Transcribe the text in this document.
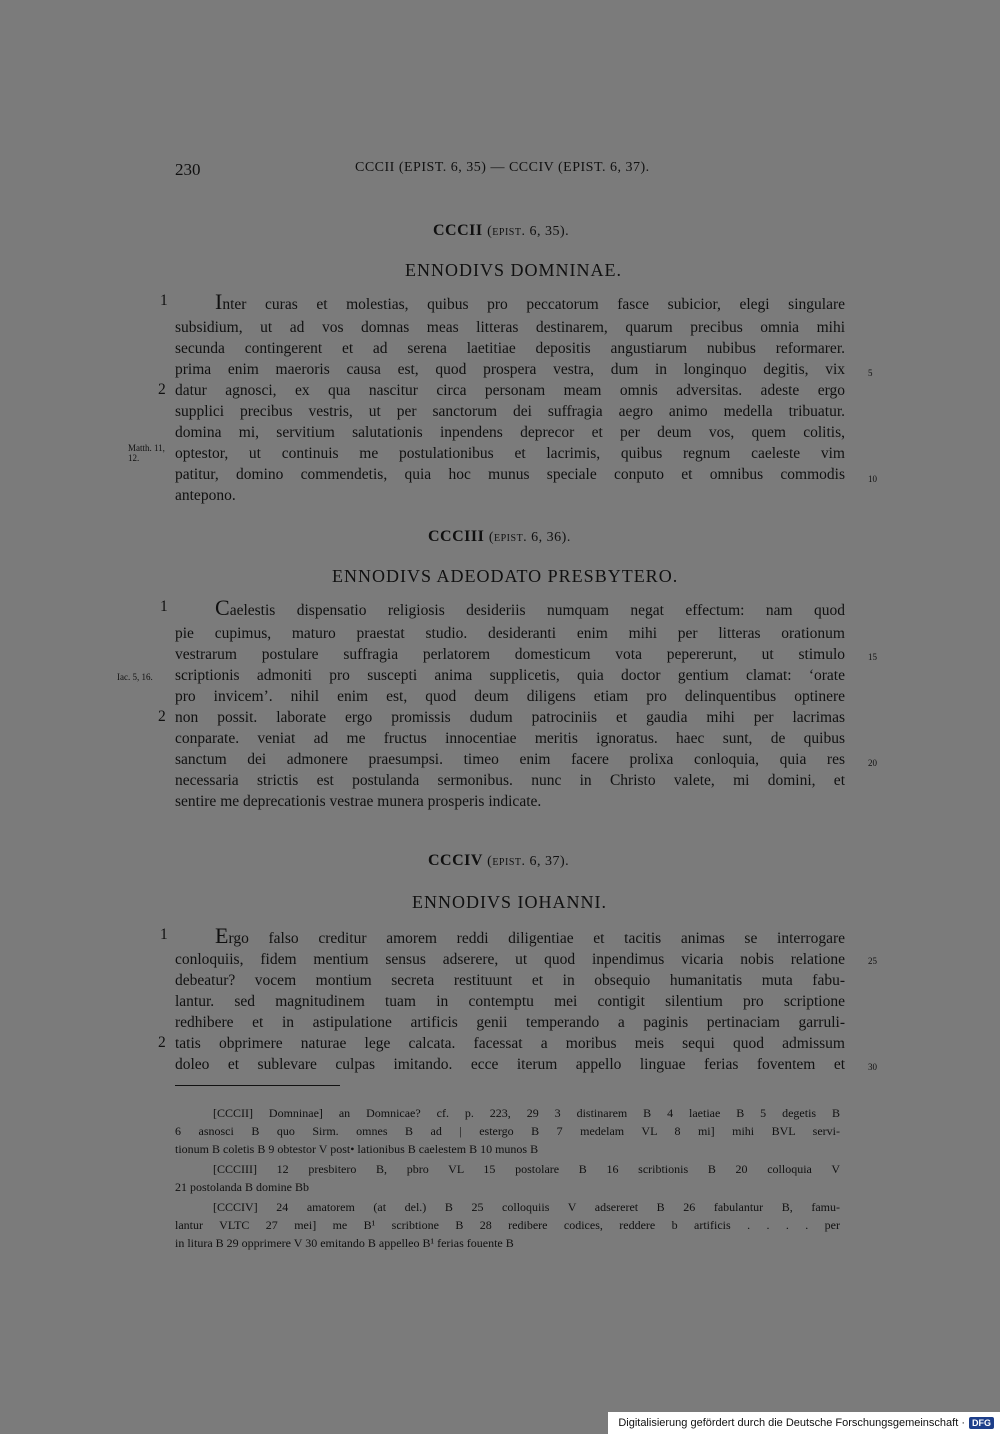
230	CCCII (EPIST. 6, 35) — CCCIV (EPIST. 6, 37).
CCCII (epist. 6, 35).
ENNODIVS DOMNINAE.
Inter curas et molestias, quibus pro peccatorum fasce subicior, elegi singulare
subsidium, ut ad vos domnas meas litteras destinarem, quarum precibus omnia mihi
secunda contingerent et ad serena laetitiae depositis angustiarum nubibus reformarer.
prima enim maeroris causa est, quod prospera vestra, dum in longinquo degitis, vix
datur agnosci, ex qua nascitur circa personam meam omnis adversitas. adeste ergo
supplici precibus vestris, ut per sanctorum dei suffragia aegro animo medella tribuatur.
domina mi, servitium salutationis inpendens deprecor et per deum vos, quem colitis,
optestor, ut continuis me postulationibus et lacrimis, quibus regnum caeleste vim
patitur, domino commendetis, quia hoc munus speciale conputo et omnibus commodis
antepono.
1
2
5
10
Matth. 11, 12.
CCCIII (epist. 6, 36).
ENNODIVS ADEODATO PRESBYTERO.
Caelestis dispensatio religiosis desideriis numquam negat effectum: nam quod
pie cupimus, maturo praestat studio. desideranti enim mihi per litteras orationum
vestrarum postulare suffragia perlatorem domesticum vota pepererunt, ut stimulo
scriptionis admoniti pro suscepti anima supplicetis, quia doctor gentium clamat: ‘orate
pro invicem’. nihil enim est, quod deum diligens etiam pro delinquentibus optinere
non possit. laborate ergo promissis dudum patrociniis et gaudia mihi per lacrimas
conparate. veniat ad me fructus innocentiae meritis ignoratus. haec sunt, de quibus
sanctum dei admonere praesumpsi. timeo enim facere prolixa conloquia, quia res
necessaria strictis est postulanda sermonibus. nunc in Christo valete, mi domini, et
sentire me deprecationis vestrae munera prosperis indicate.
1
2
15
20
Iac. 5, 16.
CCCIV (epist. 6, 37).
ENNODIVS IOHANNI.
Ergo falso creditur amorem reddi diligentiae et tacitis animas se interrogare
conloquiis, fidem mentium sensus adserere, ut quod inpendimus vicaria nobis relatione
debeatur? vocem montium secreta restituunt et in obsequio humanitatis muta fabu-
lantur. sed magnitudinem tuam in contemptu mei contigit silentium pro scriptione
redhibere et in astipulatione artificis genii temperando a paginis pertinaciam garruli-
tatis obprimere naturae lege calcata. facessat a moribus meis sequi quod admissum
doleo et sublevare culpas imitando. ecce iterum appello linguae ferias foventem et
1
2
25
30
[CCCII] Domninae] an Domnicae? cf. p. 223, 29 3 distinarem B 4 laetiae B 5 degetis B
6 asnosci B quo Sirm. omnes B ad | estergo B 7 medelam VL 8 mi] mihi BVL servi-
tionum B coletis B 9 obtestor V post• lationibus B caelestem B 10 munos B
[CCCIII] 12 presbitero B, pbro VL 15 postolare B 16 scribtionis B 20 colloquia V
21 postolanda B domine Bb
[CCCIV] 24 amatorem (at del.) B 25 colloquiis V adsereret B 26 fabulantur B, famu-
lantur VLTC 27 mei] me B¹ scribtione B 28 redibere codices, reddere b artificis . . . . per
in litura B 29 opprimere V 30 emitando B appelleo B¹ ferias fouente B
Digitalisierung gefördert durch die Deutsche Forschungsgemeinschaft · DFG
